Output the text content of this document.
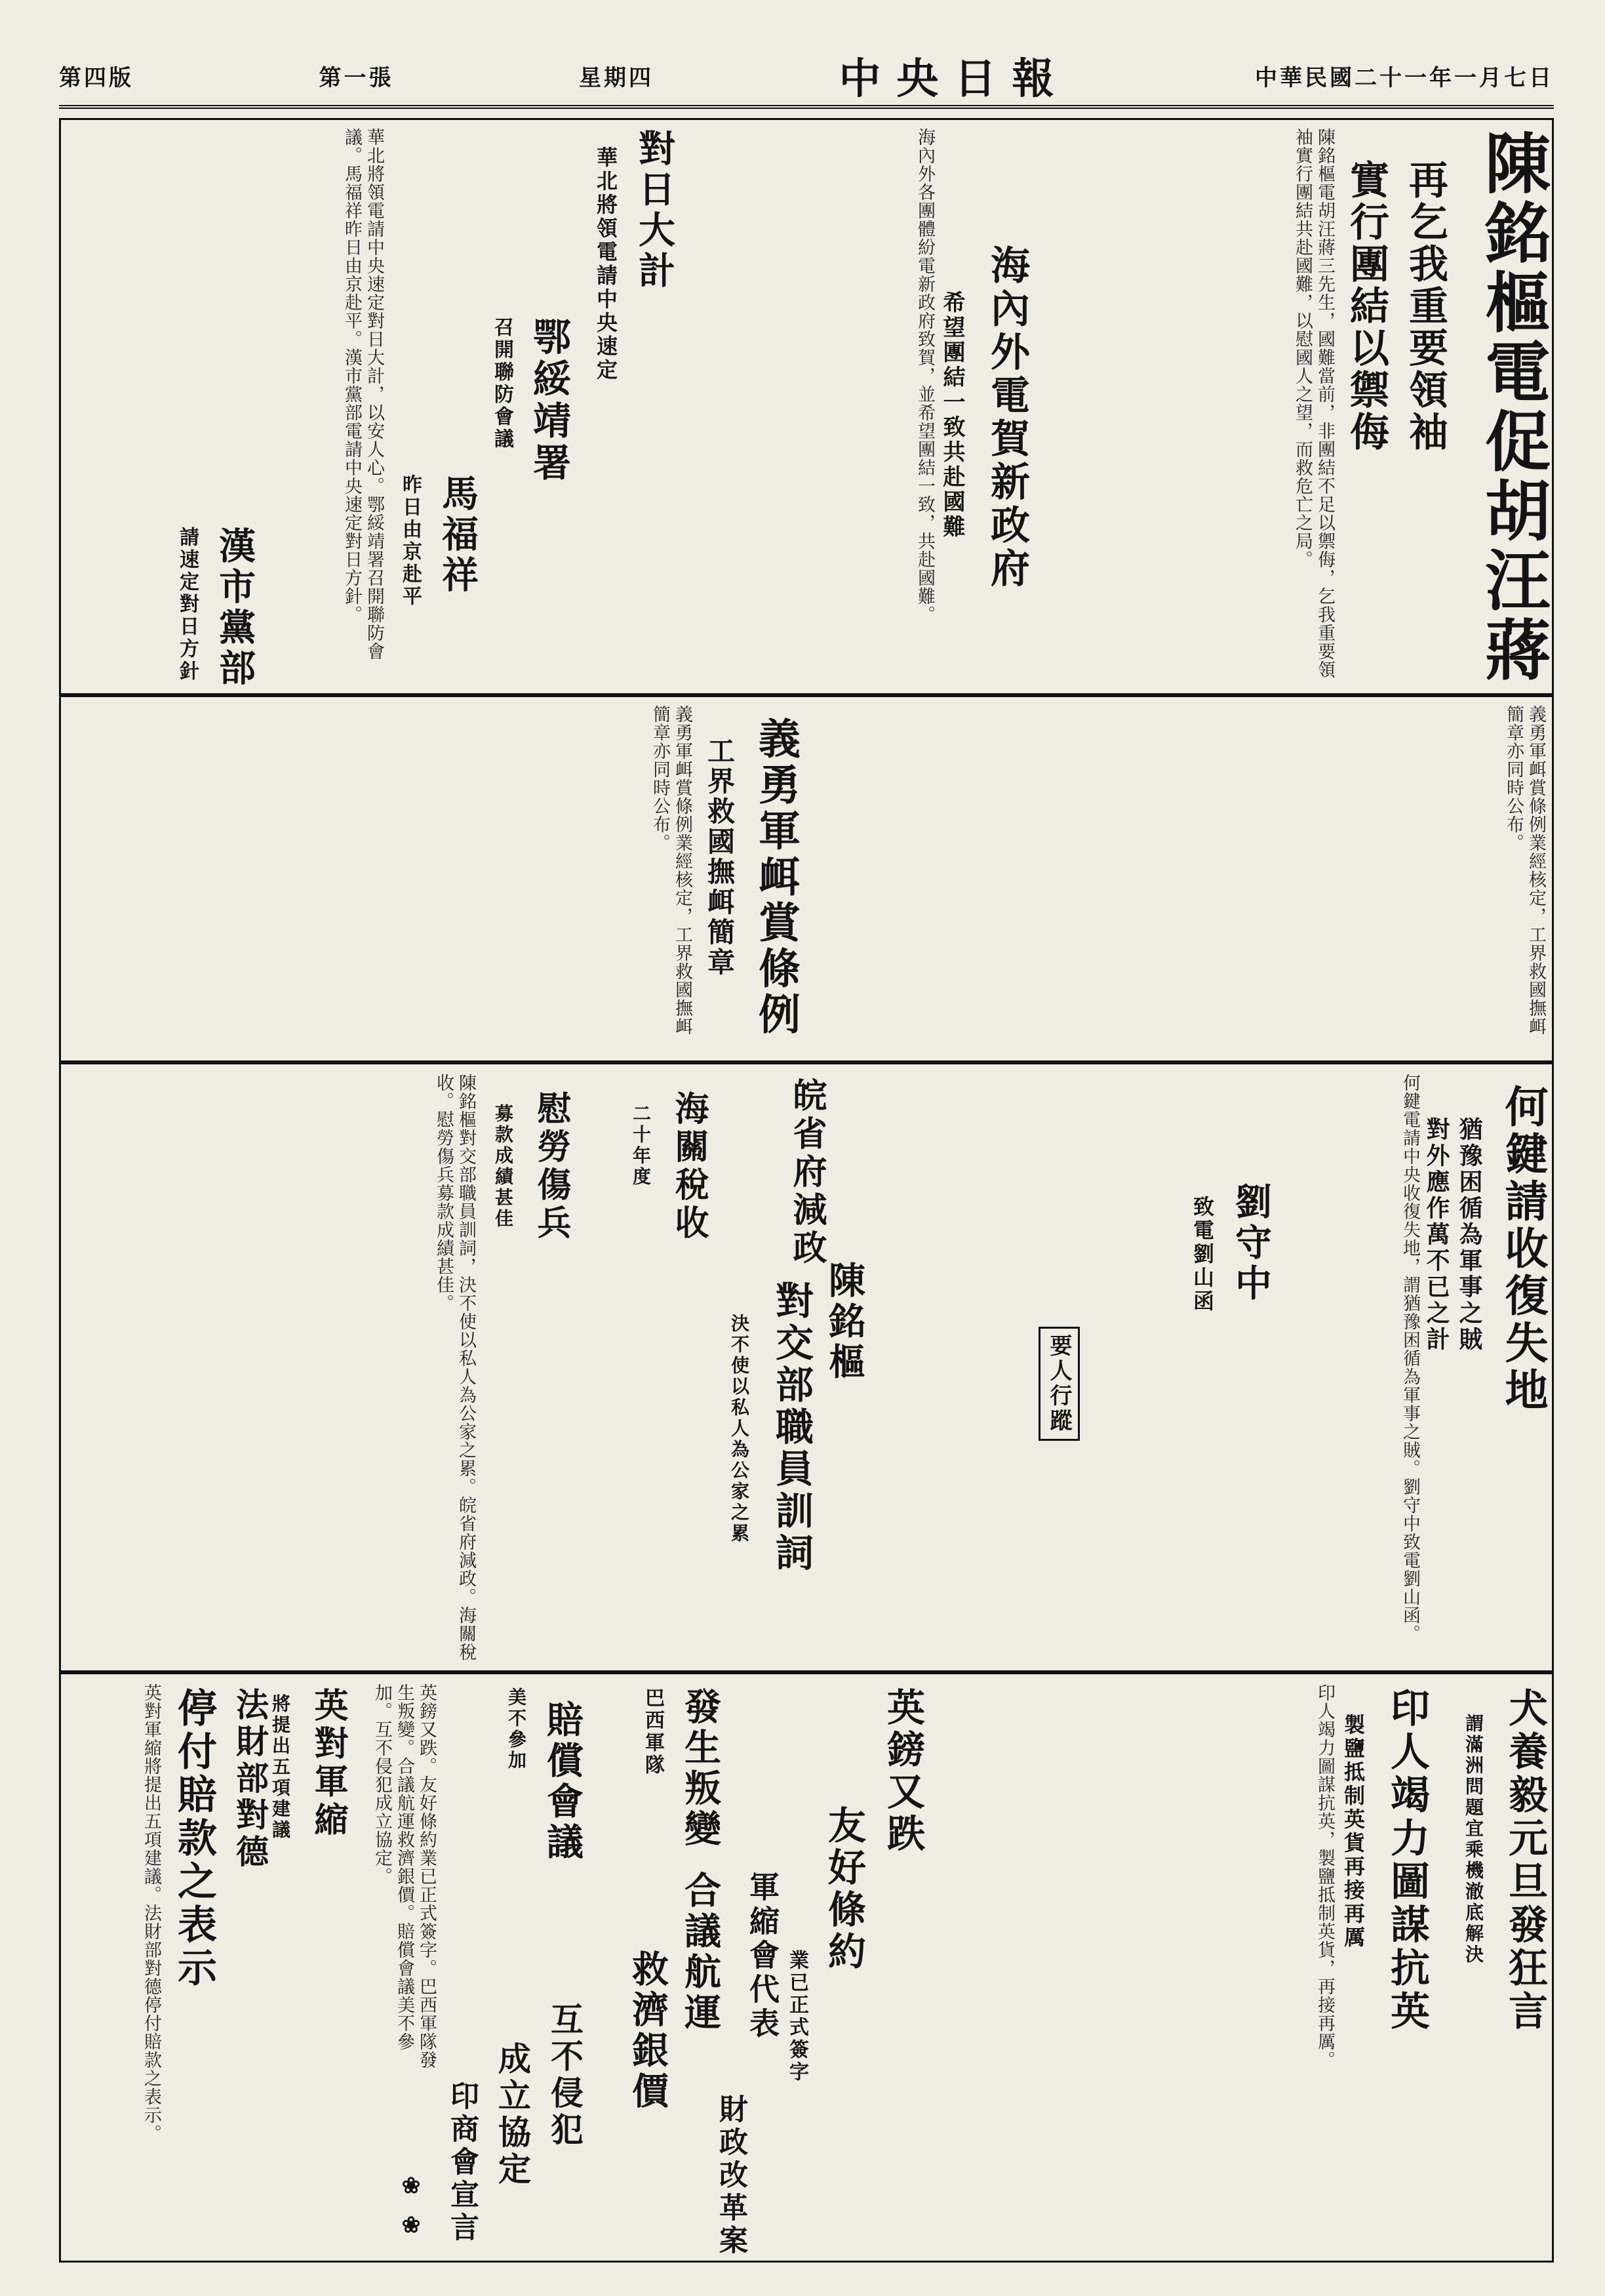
第四版	第一張	星期四	中央日報	中華民國二十一年一月七日
陳銘樞電促胡汪蔣
再乞我重要領袖
實行團結以禦侮
陳銘樞電胡汪蔣三先生，國難當前，非團結不足以禦侮，乞我重要領袖實行團結共赴國難，以慰國人之望，而救危亡之局。
海內外電賀新政府
希望團結一致共赴國難
海內外各團體紛電新政府致賀，並希望團結一致，共赴國難。
對日大計
華北將領電請中央速定
鄂綏靖署
召開聯防會議
馬福祥
昨日由京赴平
華北將領電請中央速定對日大計，以安人心。鄂綏靖署召開聯防會議。馬福祥昨日由京赴平。漢市黨部電請中央速定對日方針。
漢市黨部
請速定對日方針
義勇軍衈賞條例
工界救國撫衈簡章	義勇軍衈賞條例業經核定，工界救國撫衈簡章亦同時公布。
義勇軍衈賞條例業經核定，工界救國撫衈簡章亦同時公布。
何鍵請收復失地
猶豫困循為軍事之賊
對外應作萬不已之計
劉守中
致電劉山函	何鍵電請中央收復失地，謂猶豫困循為軍事之賊。劉守中致電劉山函。
要人行蹤
陳銘樞
對交部職員訓詞
決不使以私人為公家之累
皖省府減政
海關稅收
二十年度
慰勞傷兵
募款成績甚佳
陳銘樞對交部職員訓詞，決不使以私人為公家之累。皖省府減政。海關稅收。慰勞傷兵募款成績甚佳。
印人竭力圖謀抗英
製鹽抵制英貨再接再厲
印人竭力圖謀抗英，製鹽抵制英貨，再接再厲。	犬養毅元旦發狂言
謂滿洲問題宜乘機澈底解決
英鎊又跌
友好條約
業已正式簽字
軍縮會代表
發生叛變
巴西軍隊
合議航運
救濟銀價
賠償會議
美不參加
互不侵犯
成立協定	財政改革案
印商會宣言
英鎊又跌。友好條約業已正式簽字。巴西軍隊發生叛變。合議航運救濟銀價。賠償會議美不參加。互不侵犯成立協定。
英對軍縮
將提出五項建議
法財部對德
停付賠款之表示
英對軍縮將提出五項建議。法財部對德停付賠款之表示。
❀ ❀
